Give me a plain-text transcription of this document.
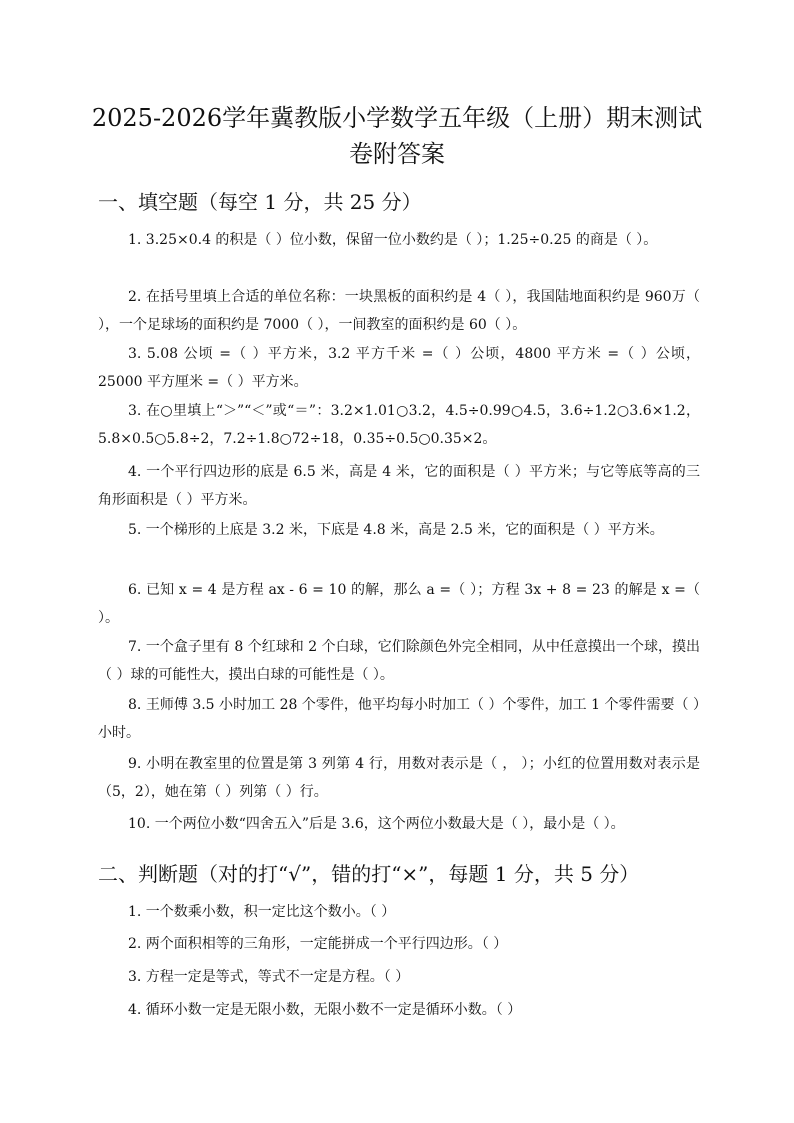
2025-2026学年冀教版小学数学五年级（上册）期末测试
卷附答案
一、填空题（每空 1 分，共 25 分）
1. 3.25×0.4 的积是（ ）位小数，保留一位小数约是（ ）；1.25÷0.25 的商是（ ）。
2. 在括号里填上合适的单位名称：一块黑板的面积约是 4（ ），我国陆地面积约是 960万（ ），一个足球场的面积约是 7000（ ），一间教室的面积约是 60（ ）。
3. 5.08 公顷 =（ ）平方米，3.2 平方千米 =（ ）公顷，4800 平方米 =（ ）公顷，25000 平方厘米 =（ ）平方米。
3. 在○里填上“＞”“＜”或“＝”：3.2×1.01○3.2，4.5÷0.99○4.5，3.6÷1.2○3.6×1.2，5.8×0.5○5.8÷2，7.2÷1.8○72÷18，0.35÷0.5○0.35×2。
4. 一个平行四边形的底是 6.5 米，高是 4 米，它的面积是（ ）平方米；与它等底等高的三角形面积是（ ）平方米。
5. 一个梯形的上底是 3.2 米，下底是 4.8 米，高是 2.5 米，它的面积是（ ）平方米。
6. 已知 x = 4 是方程 ax - 6 = 10 的解，那么 a =（ ）；方程 3x + 8 = 23 的解是 x =（ ）。
7. 一个盒子里有 8 个红球和 2 个白球，它们除颜色外完全相同，从中任意摸出一个球，摸出（ ）球的可能性大，摸出白球的可能性是（ ）。
8. 王师傅 3.5 小时加工 28 个零件，他平均每小时加工（ ）个零件，加工 1 个零件需要（ ）小时。
9. 小明在教室里的位置是第 3 列第 4 行，用数对表示是（ ， ）；小红的位置用数对表示是（5，2），她在第（ ）列第（ ）行。
10. 一个两位小数“四舍五入”后是 3.6，这个两位小数最大是（ ），最小是（ ）。
二、判断题（对的打“√”，错的打“×”，每题 1 分，共 5 分）
1. 一个数乘小数，积一定比这个数小。（ ）
2. 两个面积相等的三角形，一定能拼成一个平行四边形。（ ）
3. 方程一定是等式，等式不一定是方程。（ ）
4. 循环小数一定是无限小数，无限小数不一定是循环小数。（ ）
